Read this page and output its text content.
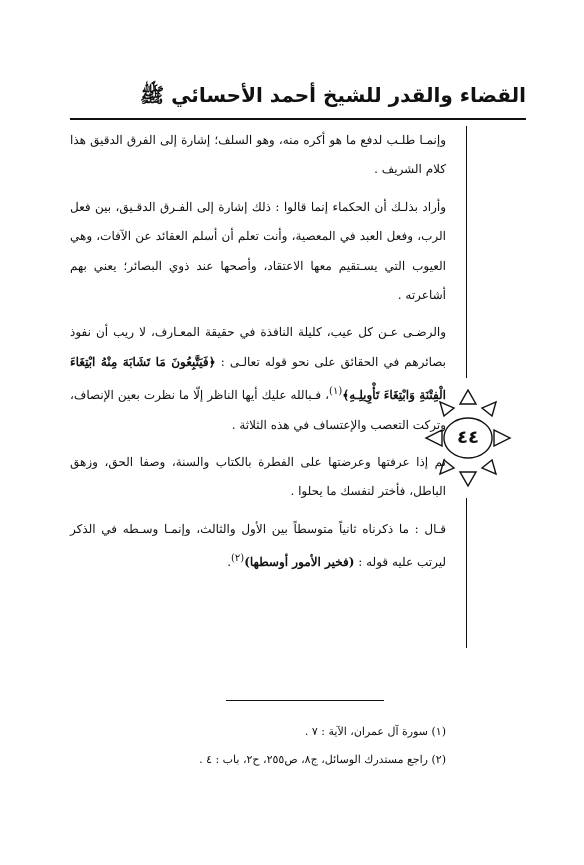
القضاء والقدر للشيخ أحمد الأحسائي ﷺ
٤٤

وإنمـا طلـب لدفع ما هو أكره منه، وهو السلف؛ إشارة إلى الفرق الدقيق هذا كلام الشريف .

وأراد بذلـك أن الحكماء إنما قالوا : ذلك إشارة إلى الفـرق الدقـيق، بين فعل الرب، وفعل العبد في المعصية، وأنت تعلم أن أسلم العقائد عن الآفات، وهي العيوب التي يسـتقيم معها الاعتقاد، وأصحها عند ذوي البصائر؛ يعني بهم أشاعرته .

والرضـى عـن كل عيب، كليلة النافذة في حقيقة المعـارف، لا ريب أن نفوذ بصائرهم في الحقائق على نحو قوله تعالـى : ﴿فَيَتَّبِعُونَ مَا تَشَابَهَ مِنْهُ ابْتِغَاءَ الْفِتْنَةِ وَابْتِغَاءَ تَأْوِيلِـهِ﴾$^{(١)}$، فـبالله عليك أيها الناظر إلّا ما نظرت بعين الإنصاف، وتركت التعصب والإعتساف في هذه الثلاثة .

ثم إذا عرفتها وعرضتها على الفطرة بالكتاب والسنة، وصفا الحق، وزهق الباطل، فأختر لنفسك ما يحلوا .

قـال : ما ذكرناه ثانياً متوسطاً بين الأول والثالث، وإنمـا وسـطه في الذكر ليرتب عليه قوله : (فخير الأمور أوسطها)$^{(٢)}$.

(١) سورة آل عمران، الآية : ٧ .

(٢) راجع مستدرك الوسائل، ج٨، ص٢٥٥، ح٢، باب : ٤ .
